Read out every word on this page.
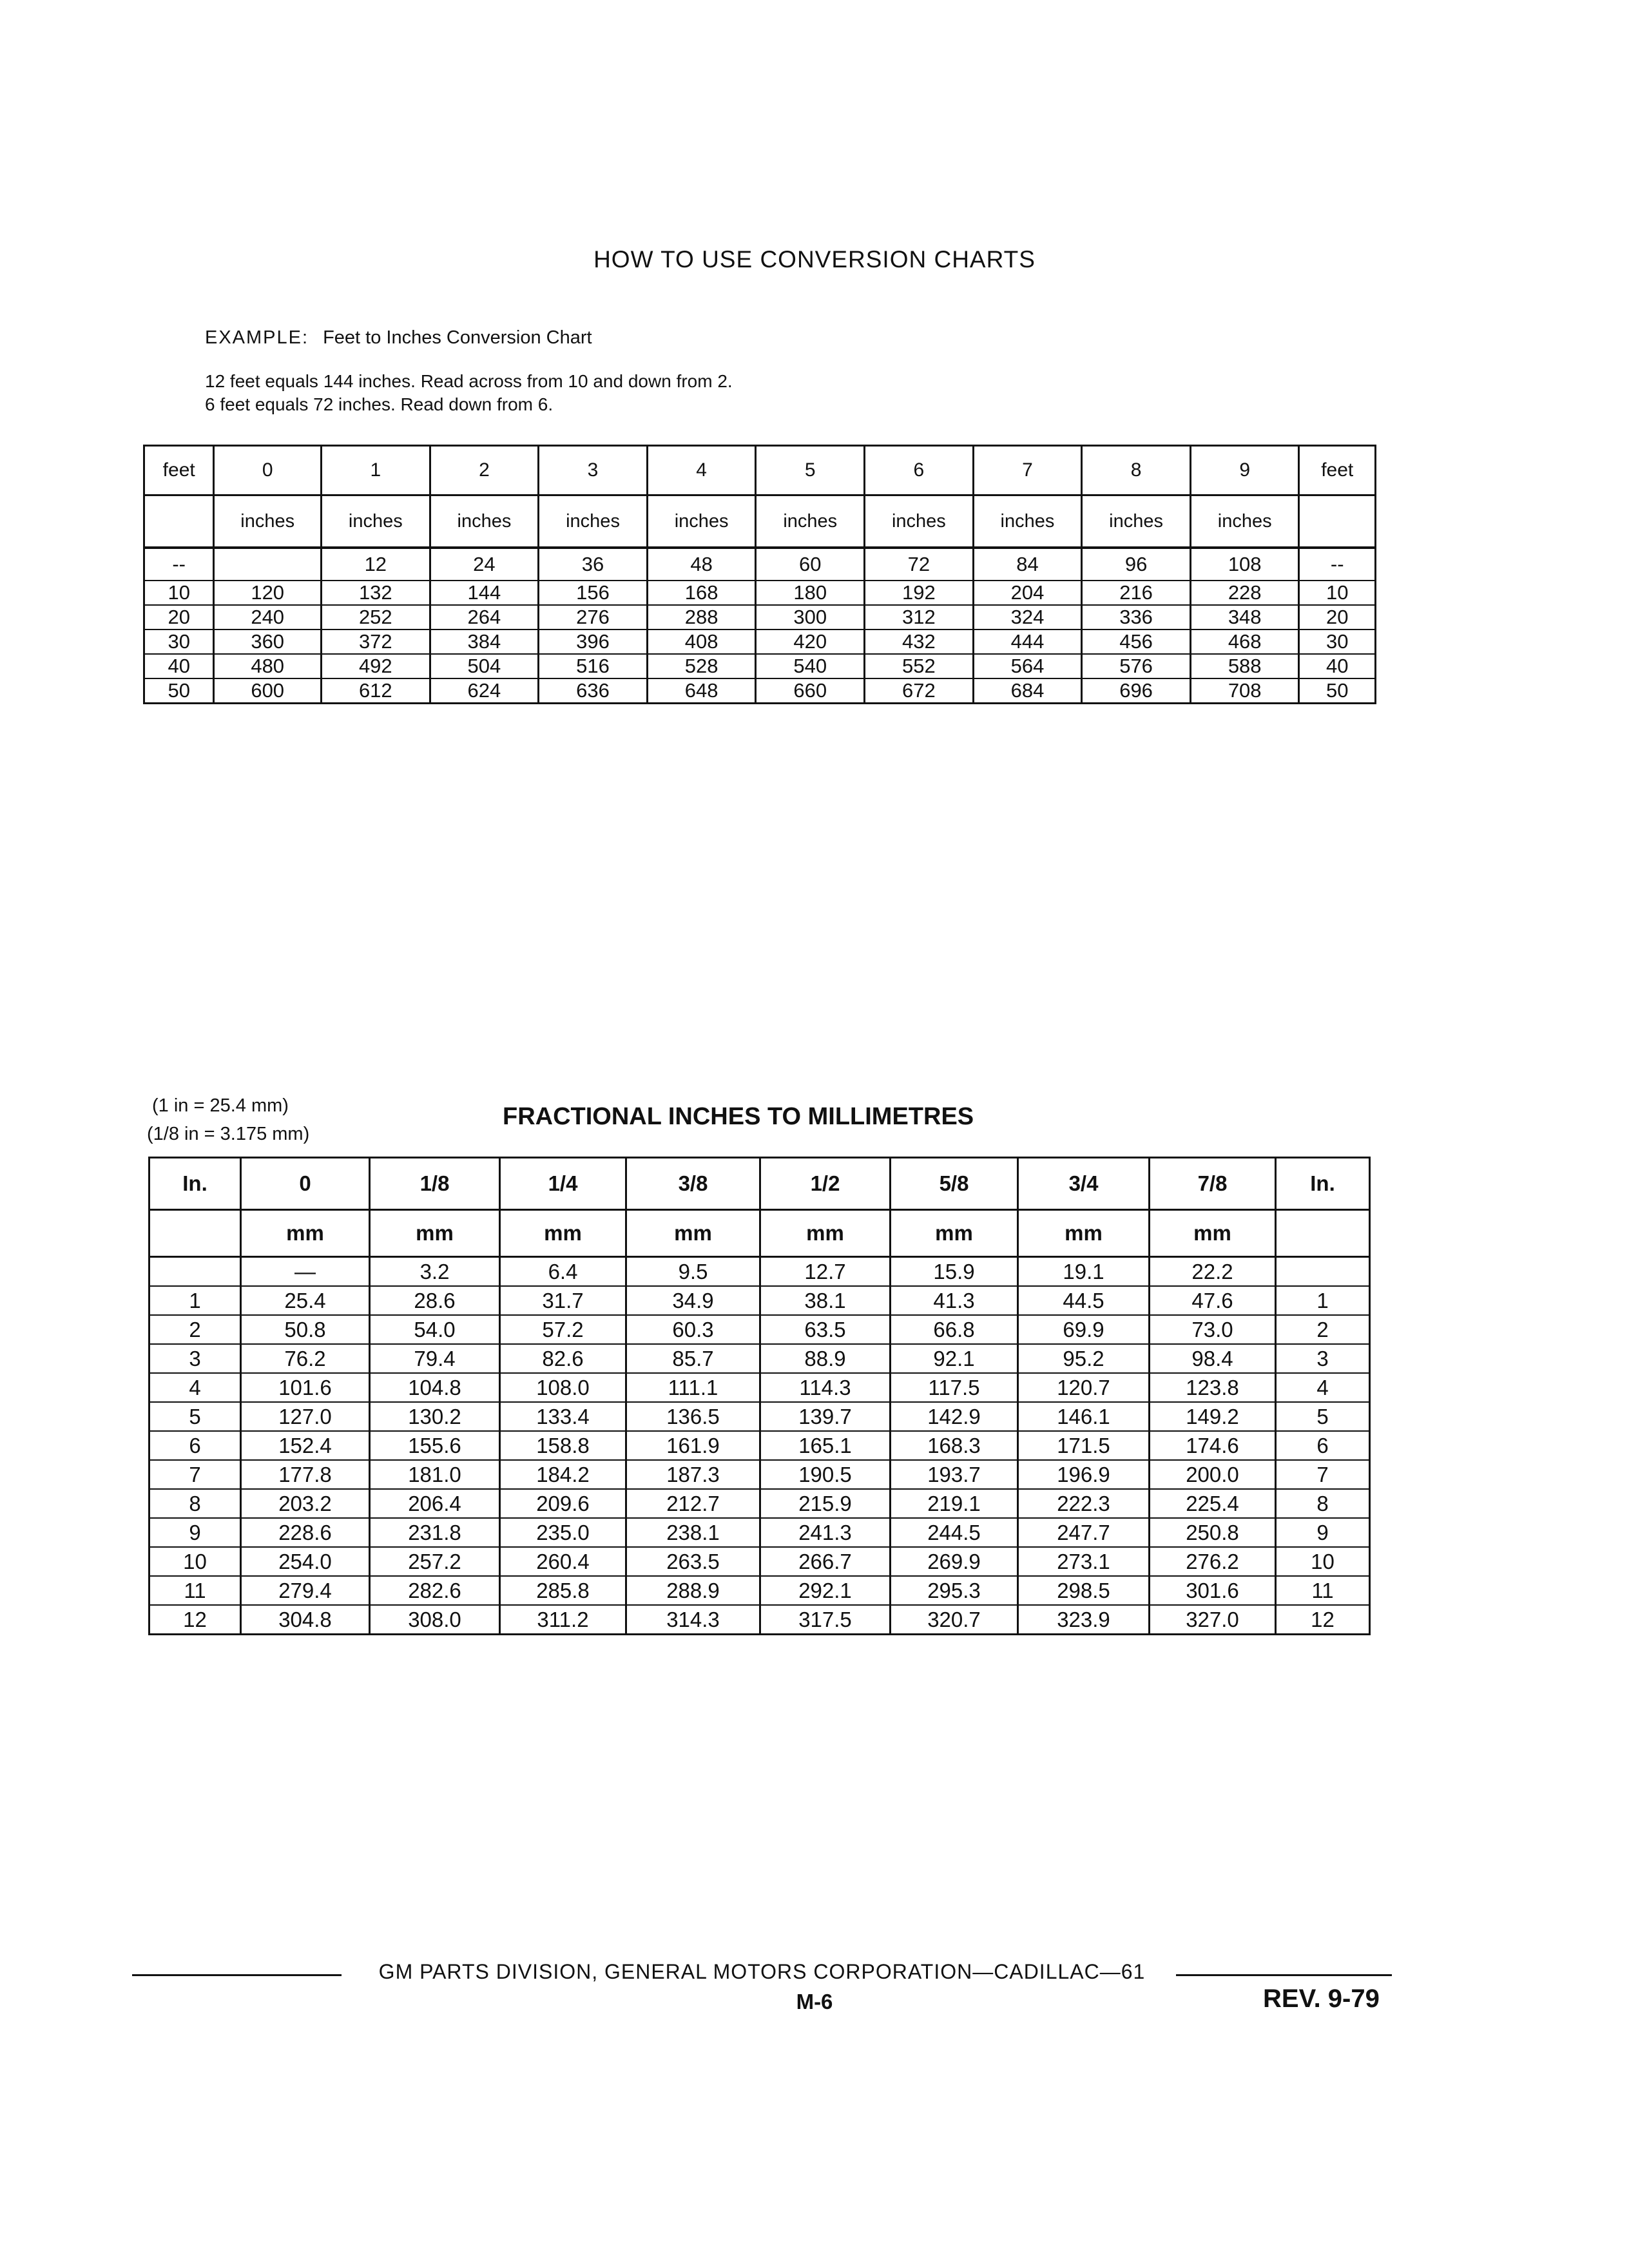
HOW TO USE CONVERSION CHARTS
EXAMPLE: Feet to Inches Conversion Chart
12 feet equals 144 inches. Read across from 10 and down from 2.
6 feet equals 72 inches. Read down from 6.
feet	0	1	2	3	4	5	6	7	8	9	feet
	inches	inches	inches	inches	inches	inches	inches	inches	inches	inches	
--		12	24	36	48	60	72	84	96	108	--
10	120	132	144	156	168	180	192	204	216	228	10
20	240	252	264	276	288	300	312	324	336	348	20
30	360	372	384	396	408	420	432	444	456	468	30
40	480	492	504	516	528	540	552	564	576	588	40
50	600	612	624	636	648	660	672	684	696	708	50
(1 in = 25.4 mm)
(1/8 in = 3.175 mm)
FRACTIONAL INCHES TO MILLIMETRES
In.	0	1/8	1/4	3/8	1/2	5/8	3/4	7/8	In.
	mm	mm	mm	mm	mm	mm	mm	mm	
	—	3.2	6.4	9.5	12.7	15.9	19.1	22.2	
1	25.4	28.6	31.7	34.9	38.1	41.3	44.5	47.6	1
2	50.8	54.0	57.2	60.3	63.5	66.8	69.9	73.0	2
3	76.2	79.4	82.6	85.7	88.9	92.1	95.2	98.4	3
4	101.6	104.8	108.0	111.1	114.3	117.5	120.7	123.8	4
5	127.0	130.2	133.4	136.5	139.7	142.9	146.1	149.2	5
6	152.4	155.6	158.8	161.9	165.1	168.3	171.5	174.6	6
7	177.8	181.0	184.2	187.3	190.5	193.7	196.9	200.0	7
8	203.2	206.4	209.6	212.7	215.9	219.1	222.3	225.4	8
9	228.6	231.8	235.0	238.1	241.3	244.5	247.7	250.8	9
10	254.0	257.2	260.4	263.5	266.7	269.9	273.1	276.2	10
11	279.4	282.6	285.8	288.9	292.1	295.3	298.5	301.6	11
12	304.8	308.0	311.2	314.3	317.5	320.7	323.9	327.0	12
GM PARTS DIVISION, GENERAL MOTORS CORPORATION—CADILLAC—61
M-6	REV. 9-79
